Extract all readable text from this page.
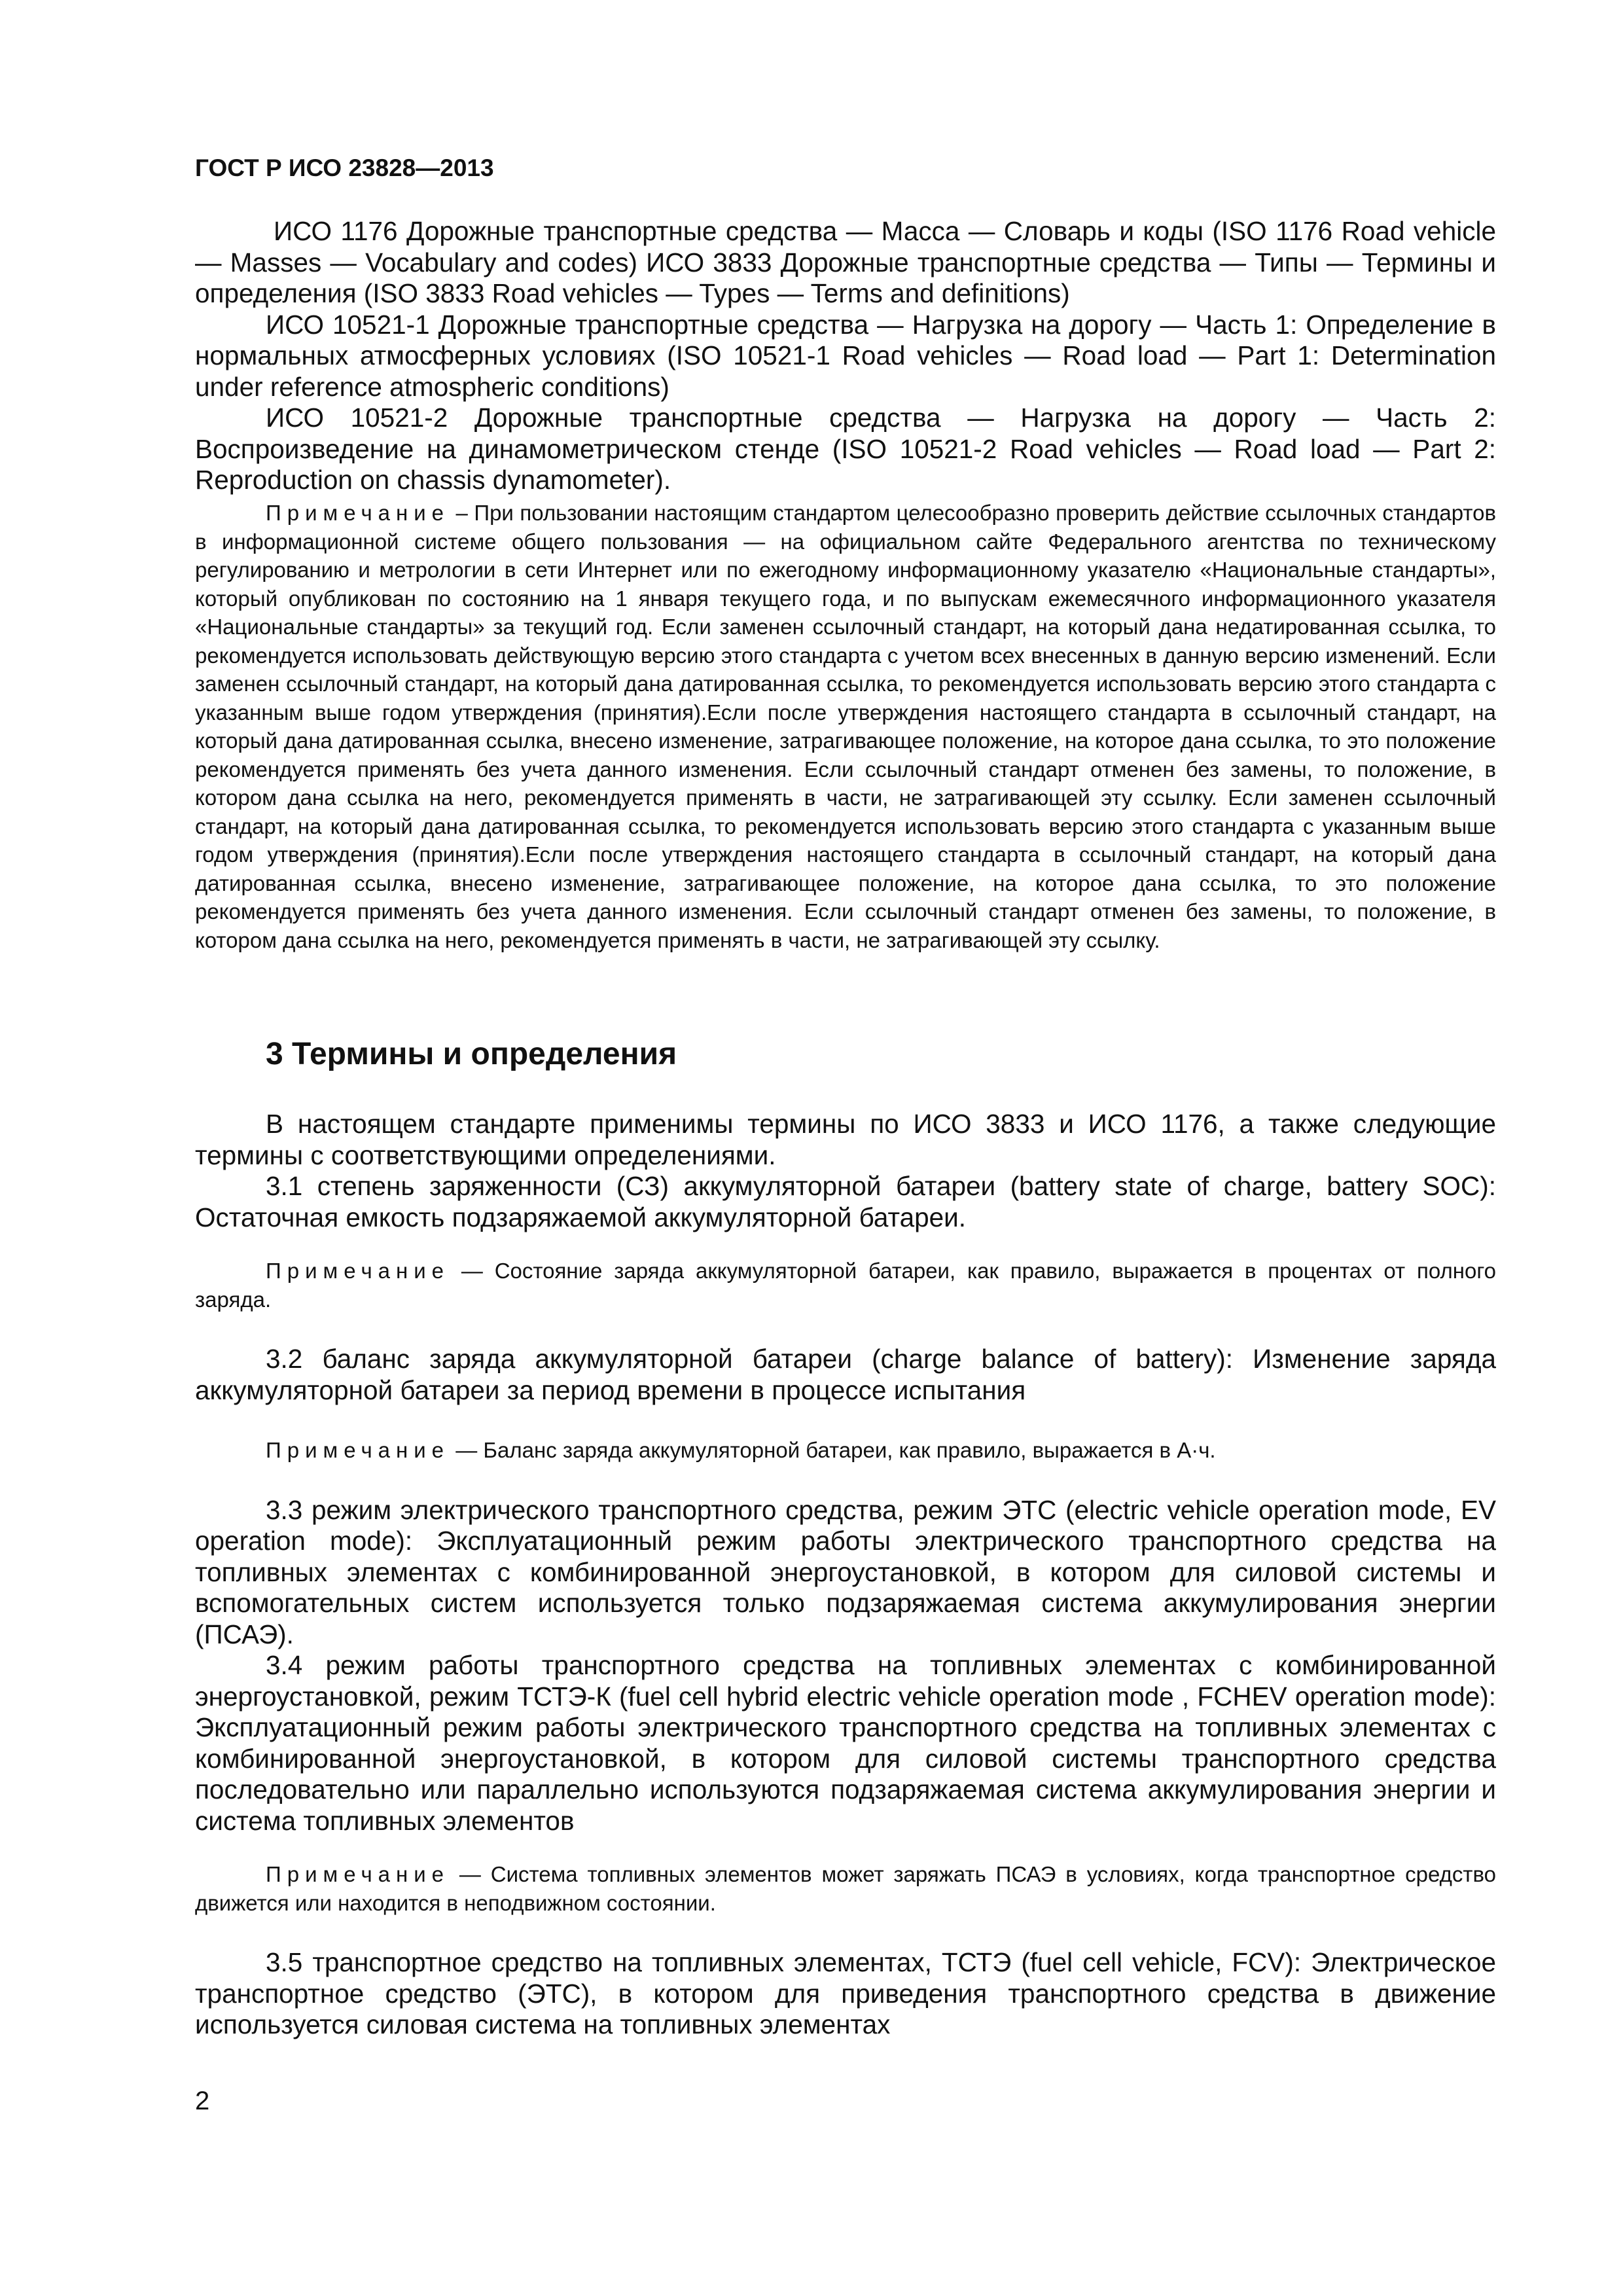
ГОСТ Р ИСО 23828—2013

ИСО 1176 Дорожные транспортные средства — Масса — Словарь и коды (ISO 1176 Road vehicle — Masses — Vocabulary and codes) ИСО 3833 Дорожные транспортные средства — Типы — Термины и определения (ISO 3833 Road vehicles — Types — Terms and definitions)

ИСО 10521-1 Дорожные транспортные средства — Нагрузка на дорогу — Часть 1: Определение в нормальных атмосферных условиях (ISO 10521-1 Road vehicles — Road load — Part 1: Determination under reference atmospheric conditions)

ИСО 10521-2 Дорожные транспортные средства — Нагрузка на дорогу — Часть 2: Воспроизведение на динамометрическом стенде (ISO 10521-2 Road vehicles — Road load — Part 2: Reproduction on chassis dynamometer).

Примечание – При пользовании настоящим стандартом целесообразно проверить действие ссылочных стандартов в информационной системе общего пользования — на официальном сайте Федерального агентства по техническому регулированию и метрологии в сети Интернет или по ежегодному информационному указателю «Национальные стандарты», который опубликован по состоянию на 1 января текущего года, и по выпускам ежемесячного информационного указателя «Национальные стандарты» за текущий год. Если заменен ссылочный стандарт, на который дана недатированная ссылка, то рекомендуется использовать действующую версию этого стандарта с учетом всех внесенных в данную версию изменений. Если заменен ссылочный стандарт, на который дана датированная ссылка, то рекомендуется использовать версию этого стандарта с указанным выше годом утверждения (принятия).Если после утверждения настоящего стандарта в ссылочный стандарт, на который дана датированная ссылка, внесено изменение, затрагивающее положение, на которое дана ссылка, то это положение рекомендуется применять без учета данного изменения. Если ссылочный стандарт отменен без замены, то положение, в котором дана ссылка на него, рекомендуется применять в части, не затрагивающей эту ссылку. Если заменен ссылочный стандарт, на который дана датированная ссылка, то рекомендуется использовать версию этого стандарта с указанным выше годом утверждения (принятия).Если после утверждения настоящего стандарта в ссылочный стандарт, на который дана датированная ссылка, внесено изменение, затрагивающее положение, на которое дана ссылка, то это положение рекомендуется применять без учета данного изменения. Если ссылочный стандарт отменен без замены, то положение, в котором дана ссылка на него, рекомендуется применять в части, не затрагивающей эту ссылку.

3 Термины и определения

В настоящем стандарте применимы термины по ИСО 3833 и ИСО 1176, а также следующие термины с соответствующими определениями.

3.1 степень заряженности (СЗ) аккумуляторной батареи (battery state of charge, battery SOC): Остаточная емкость подзаряжаемой аккумуляторной батареи.

Примечание — Состояние заряда аккумуляторной батареи, как правило, выражается в процентах от полного заряда.

3.2 баланс заряда аккумуляторной батареи (charge balance of battery): Изменение заряда аккумуляторной батареи за период времени в процессе испытания

Примечание — Баланс заряда аккумуляторной батареи, как правило, выражается в А·ч.

3.3 режим электрического транспортного средства, режим ЭТС (electric vehicle operation mode, EV operation mode): Эксплуатационный режим работы электрического транспортного средства на топливных элементах с комбинированной энергоустановкой, в котором для силовой системы и вспомогательных систем используется только подзаряжаемая система аккумулирования энергии (ПСАЭ).

3.4 режим работы транспортного средства на топливных элементах с комбинированной энергоустановкой, режим ТСТЭ-К (fuel cell hybrid electric vehicle operation mode , FCHEV operation mode): Эксплуатационный режим работы электрического транспортного средства на топливных элементах с комбинированной энергоустановкой, в котором для силовой системы транспортного средства последовательно или параллельно используются подзаряжаемая система аккумулирования энергии и система топливных элементов

Примечание — Система топливных элементов может заряжать ПСАЭ в условиях, когда транспортное средство движется или находится в неподвижном состоянии.

3.5 транспортное средство на топливных элементах, ТСТЭ (fuel cell vehicle, FCV): Электрическое транспортное средство (ЭТС), в котором для приведения транспортного средства в движение используется силовая система на топливных элементах

2
